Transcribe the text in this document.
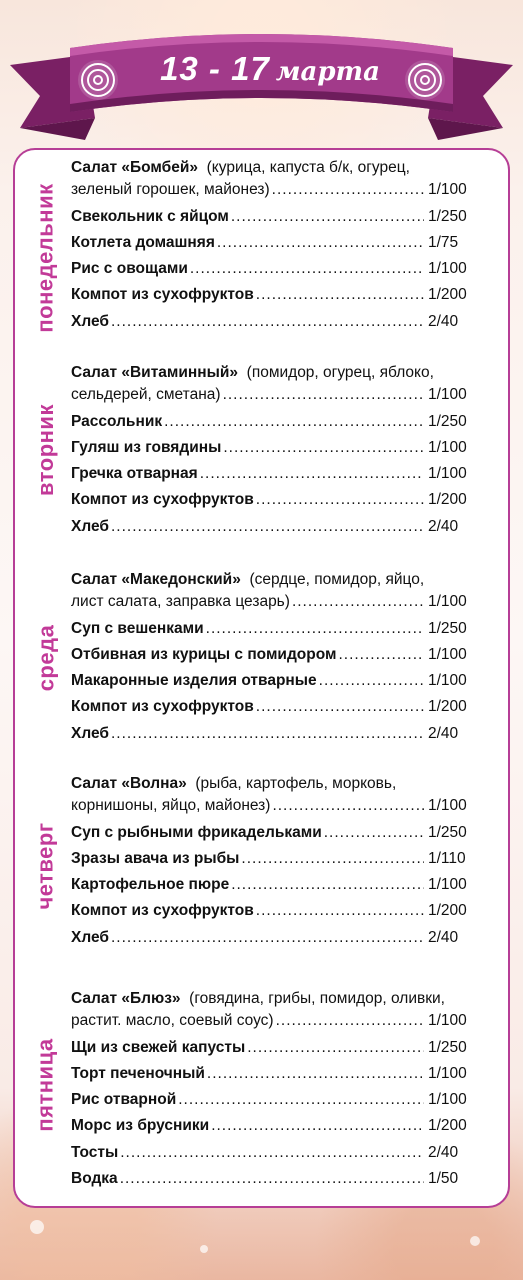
13 - 17 марта
понедельник
Салат «Бомбей» (курица, капуста б/к, огурец,
зеленый горошек, майонез) .....	1/100
Свекольник с яйцом .....	1/250
Котлета домашняя .....	1/75
Рис с овощами .....	1/100
Компот из сухофруктов .....	1/200
Хлеб .....	2/40
вторник
Салат «Витаминный» (помидор, огурец, яблоко,
сельдерей, сметана) .....	1/100
Рассольник .....	1/250
Гуляш из говядины .....	1/100
Гречка отварная .....	1/100
Компот из сухофруктов .....	1/200
Хлеб .....	2/40
среда
Салат «Македонский» (сердце, помидор, яйцо,
лист салата, заправка цезарь) .....	1/100
Суп с вешенками .....	1/250
Отбивная из курицы с помидором .....	1/100
Макаронные изделия отварные .....	1/100
Компот из сухофруктов .....	1/200
Хлеб .....	2/40
четверг
Салат «Волна» (рыба, картофель, морковь,
корнишоны, яйцо, майонез) .....	1/100
Суп с рыбными фрикадельками .....	1/250
Зразы авача из рыбы .....	1/110
Картофельное пюре .....	1/100
Компот из сухофруктов .....	1/200
Хлеб .....	2/40
пятница
Салат «Блюз» (говядина, грибы, помидор, оливки,
растит. масло, соевый соус) .....	1/100
Щи из свежей капусты .....	1/250
Торт печеночный .....	1/100
Рис отварной .....	1/100
Морс из брусники .....	1/200
Тосты .....	2/40
Водка .....	1/50
